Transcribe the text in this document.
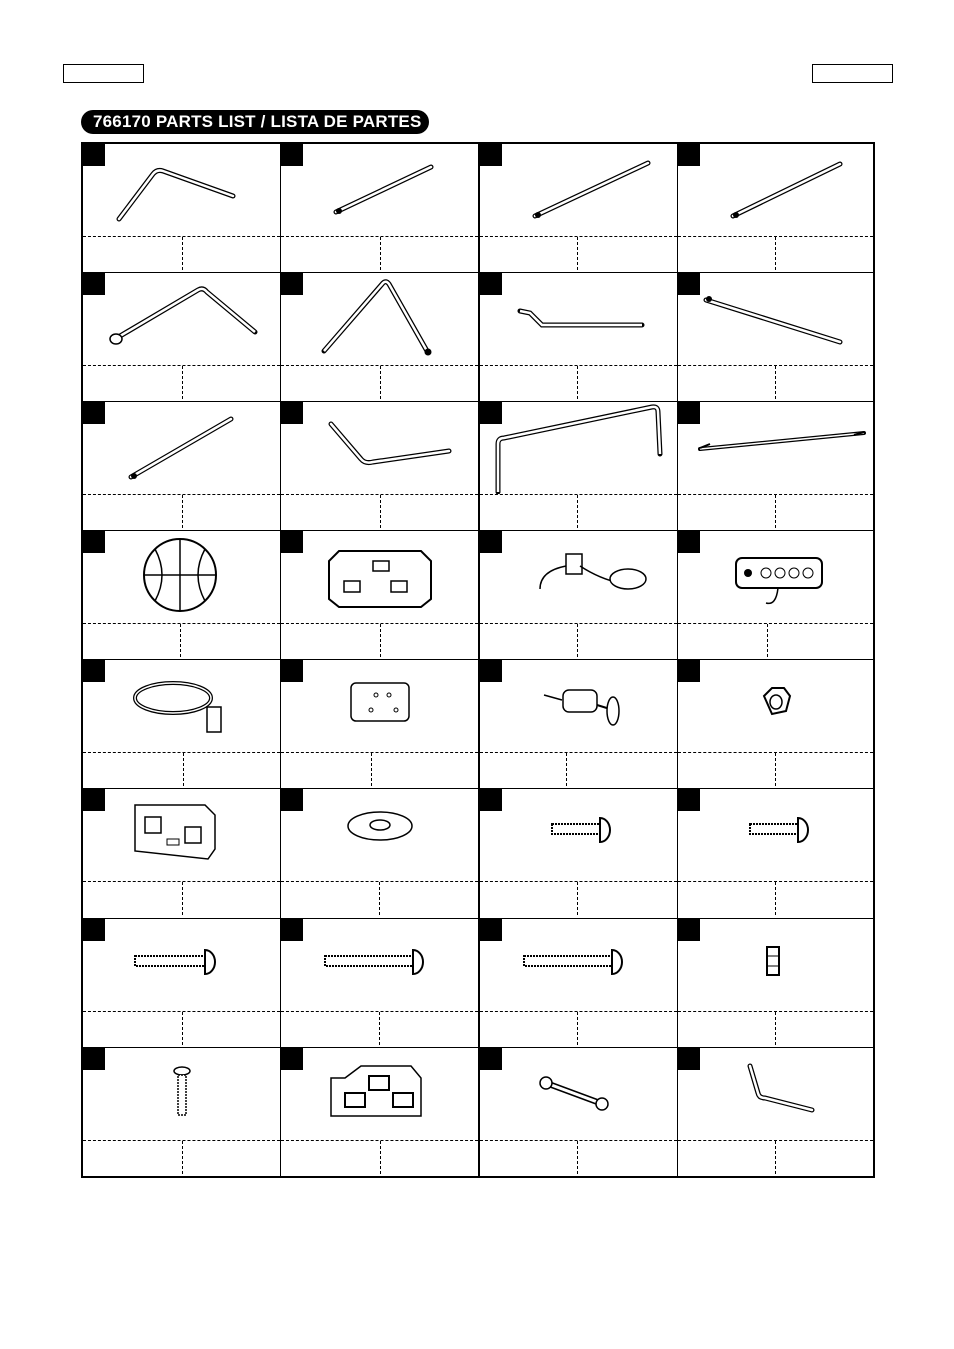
766170 PARTS LIST / LISTA DE PARTES
